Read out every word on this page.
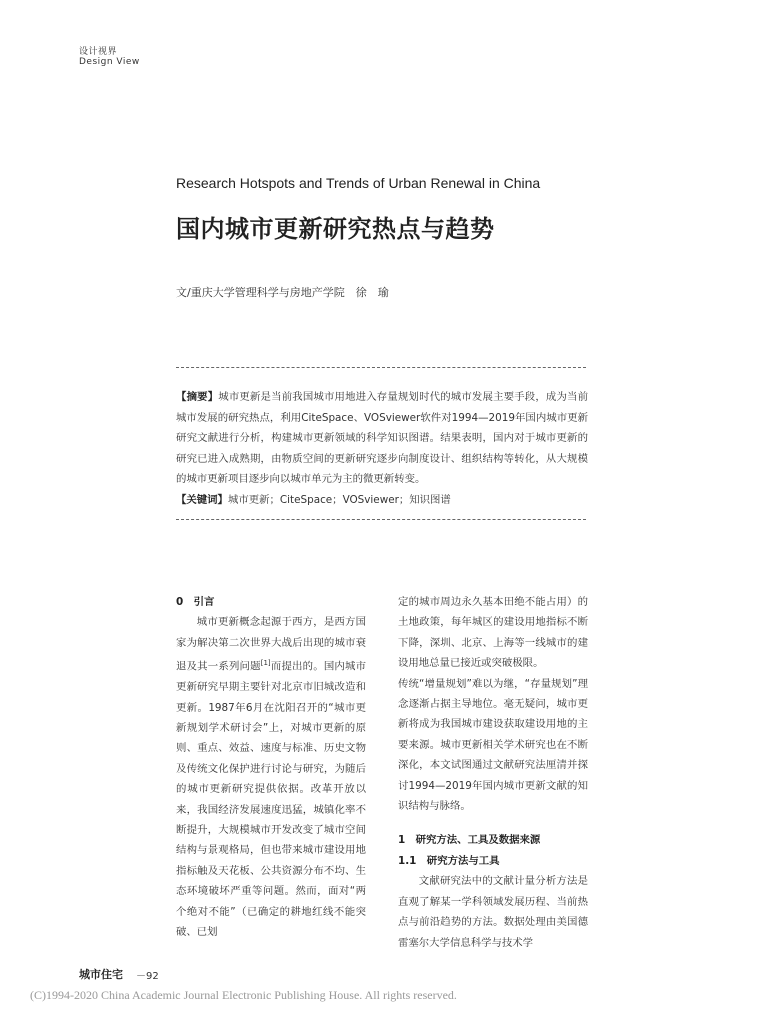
设计视界
Design View
Research Hotspots and Trends of Urban Renewal in China
国内城市更新研究热点与趋势
文/重庆大学管理科学与房地产学院　徐　瑜
【摘要】城市更新是当前我国城市用地进入存量规划时代的城市发展主要手段，成为当前城市发展的研究热点，利用CiteSpace、VOSviewer软件对1994—2019年国内城市更新研究文献进行分析，构建城市更新领域的科学知识图谱。结果表明，国内对于城市更新的研究已进入成熟期，由物质空间的更新研究逐步向制度设计、组织结构等转化，从大规模的城市更新项目逐步向以城市单元为主的微更新转变。
【关键词】城市更新；CiteSpace；VOSviewer；知识图谱
0　引言
城市更新概念起源于西方，是西方国家为解决第二次世界大战后出现的城市衰退及其一系列问题[1]而提出的。国内城市更新研究早期主要针对北京市旧城改造和更新。1987年6月在沈阳召开的“城市更新规划学术研讨会”上，对城市更新的原则、重点、效益、速度与标准、历史文物及传统文化保护进行讨论与研究，为随后的城市更新研究提供依据。改革开放以来，我国经济发展速度迅猛，城镇化率不断提升，大规模城市开发改变了城市空间结构与景观格局，但也带来城市建设用地指标触及天花板、公共资源分布不均、生态环境破坏严重等问题。然而，面对“两个绝对不能”（已确定的耕地红线不能突破、已划
定的城市周边永久基本田绝不能占用）的土地政策，每年城区的建设用地指标不断下降，深圳、北京、上海等一线城市的建设用地总量已接近或突破极限。
传统“增量规划”难以为继，“存量规划”理念逐渐占据主导地位。毫无疑问，城市更新将成为我国城市建设获取建设用地的主要来源。城市更新相关学术研究也在不断深化，本文试图通过文献研究法厘清并探讨1994—2019年国内城市更新文献的知识结构与脉络。
1　研究方法、工具及数据来源
1.1　研究方法与工具
文献研究法中的文献计量分析方法是直观了解某一学科领域发展历程、当前热点与前沿趋势的方法。数据处理由美国德雷塞尔大学信息科学与技术学
城市住宅 －92
(C)1994-2020 China Academic Journal Electronic Publishing House. All rights reserved.
